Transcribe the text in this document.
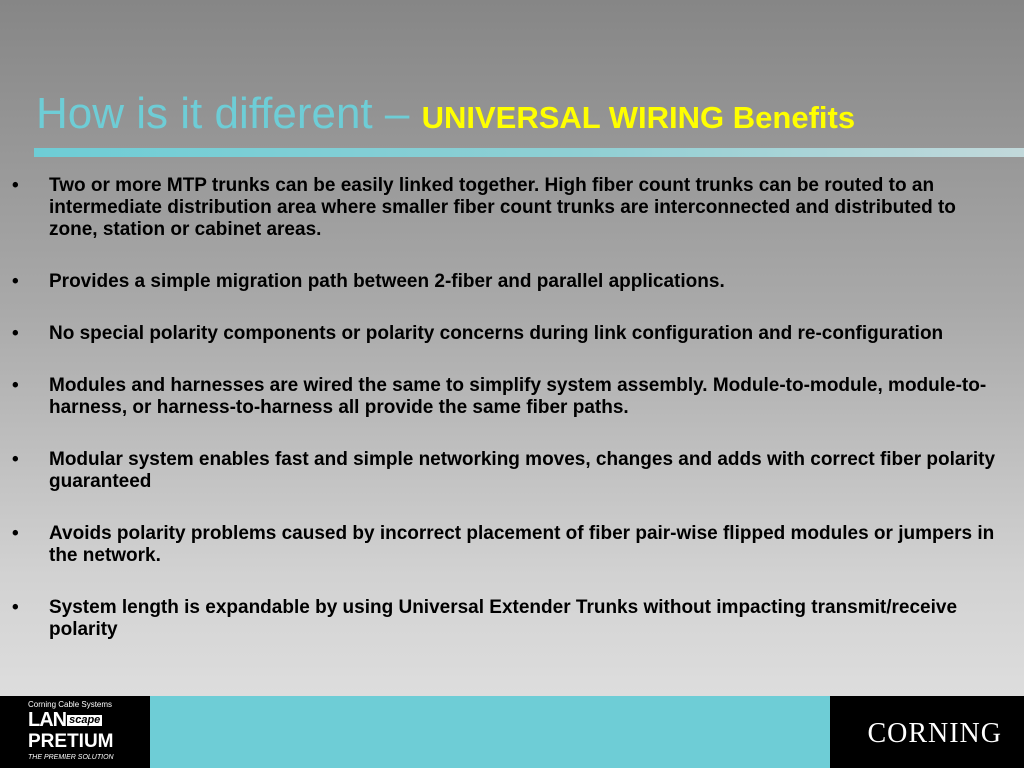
How is it different – UNIVERSAL WIRING Benefits
• Two or more MTP trunks can be easily linked together. High fiber count trunks can be routed to an intermediate distribution area where smaller fiber count trunks are interconnected and distributed to zone, station or cabinet areas.
• Provides a simple migration path between 2-fiber and parallel applications.
• No special polarity components or polarity concerns during link configuration and re-configuration
• Modules and harnesses are wired the same to simplify system assembly. Module-to-module, module-to-harness, or harness-to-harness all provide the same fiber paths.
• Modular system enables fast and simple networking moves, changes and adds with correct fiber polarity guaranteed
• Avoids polarity problems caused by incorrect placement of fiber pair-wise flipped modules or jumpers in the network.
• System length is expandable by using Universal Extender Trunks without impacting transmit/receive polarity
Corning Cable Systems
LAN scape
PRETIUM
THE PREMIER SOLUTION
CORNING
